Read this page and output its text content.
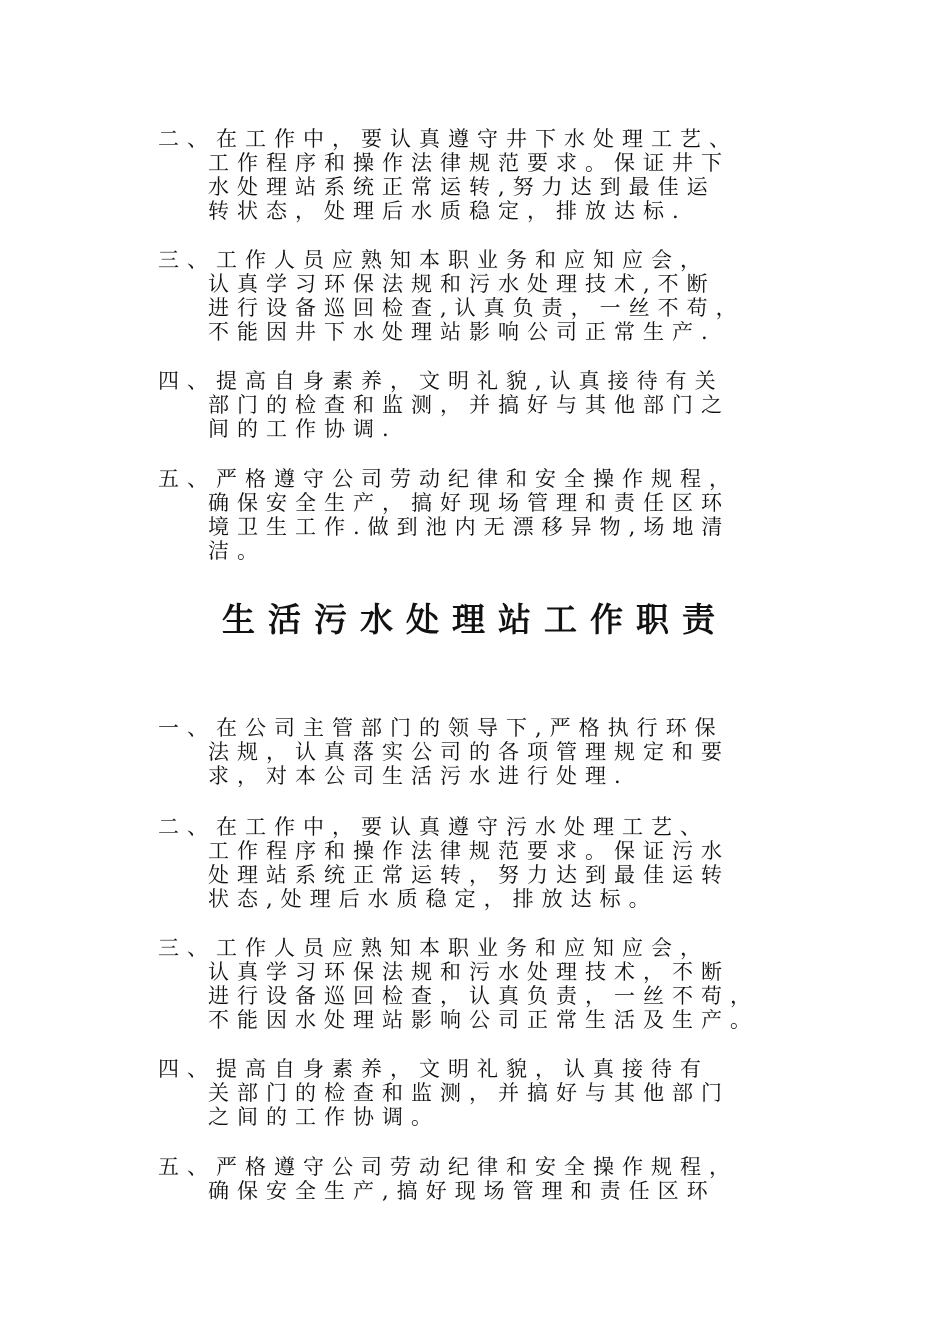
二、在工作中，要认真遵守井下水处理工艺、
工作程序和操作法律规范要求。保证井下
水处理站系统正常运转,努力达到最佳运
转状态，处理后水质稳定，排放达标.
三、工作人员应熟知本职业务和应知应会，
认真学习环保法规和污水处理技术,不断
进行设备巡回检查,认真负责，一丝不苟，
不能因井下水处理站影响公司正常生产.
四、提高自身素养，文明礼貌,认真接待有关
部门的检查和监测，并搞好与其他部门之
间的工作协调.
五、严格遵守公司劳动纪律和安全操作规程，
确保安全生产，搞好现场管理和责任区环
境卫生工作.做到池内无漂移异物,场地清
洁。
生活污水处理站工作职责
一、在公司主管部门的领导下,严格执行环保
法规，认真落实公司的各项管理规定和要
求，对本公司生活污水进行处理.
二、在工作中，要认真遵守污水处理工艺、
工作程序和操作法律规范要求。保证污水
处理站系统正常运转，努力达到最佳运转
状态,处理后水质稳定，排放达标。
三、工作人员应熟知本职业务和应知应会，
认真学习环保法规和污水处理技术，不断
进行设备巡回检查，认真负责，一丝不苟，
不能因水处理站影响公司正常生活及生产。
四、提高自身素养，文明礼貌，认真接待有
关部门的检查和监测，并搞好与其他部门
之间的工作协调。
五、严格遵守公司劳动纪律和安全操作规程，
确保安全生产,搞好现场管理和责任区环
